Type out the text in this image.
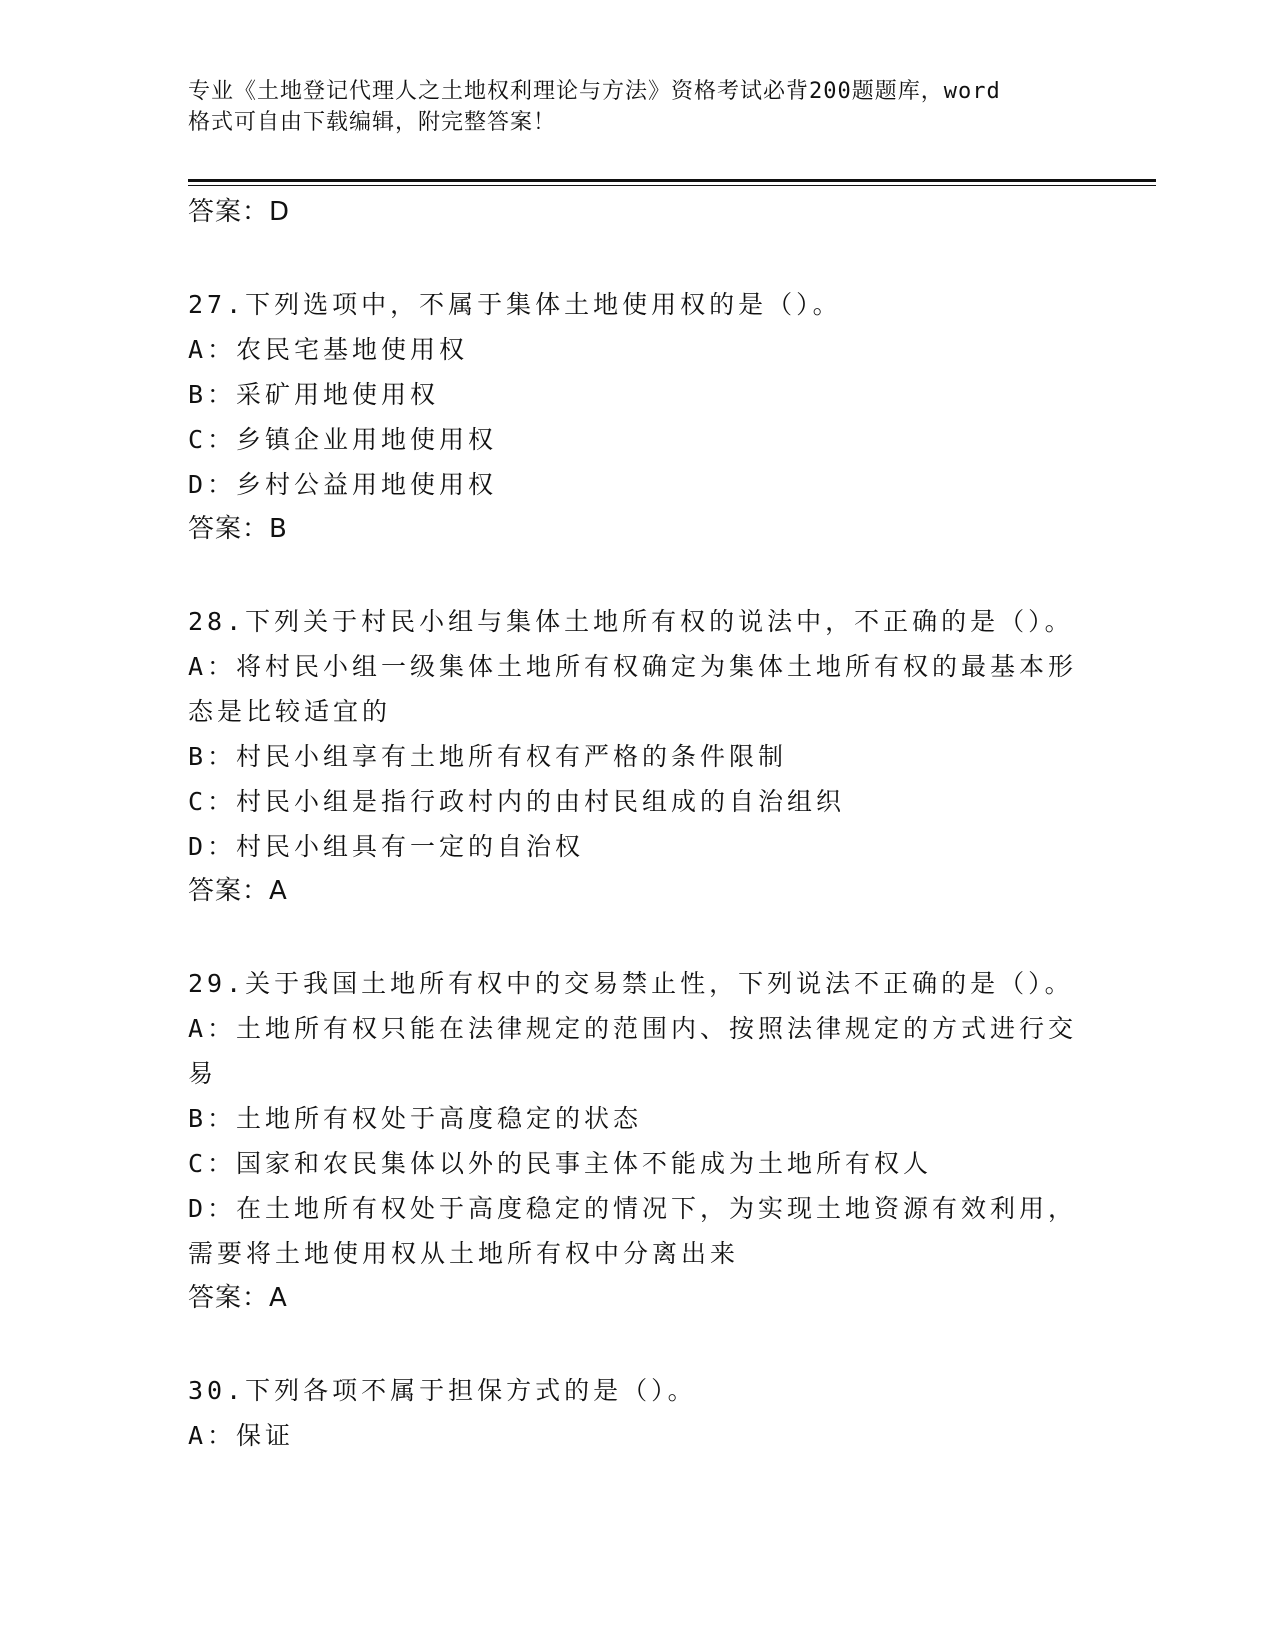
专业《土地登记代理人之土地权利理论与方法》资格考试必背200题题库，word
格式可自由下载编辑，附完整答案！
答案：D
27.下列选项中，不属于集体土地使用权的是（）。
A：农民宅基地使用权
B：采矿用地使用权
C：乡镇企业用地使用权
D：乡村公益用地使用权
答案：B
28.下列关于村民小组与集体土地所有权的说法中，不正确的是（）。
A：将村民小组一级集体土地所有权确定为集体土地所有权的最基本形态是比较适宜的
B：村民小组享有土地所有权有严格的条件限制
C：村民小组是指行政村内的由村民组成的自治组织
D：村民小组具有一定的自治权
答案：A
29.关于我国土地所有权中的交易禁止性，下列说法不正确的是（）。
A：土地所有权只能在法律规定的范围内、按照法律规定的方式进行交易
B：土地所有权处于高度稳定的状态
C：国家和农民集体以外的民事主体不能成为土地所有权人
D：在土地所有权处于高度稳定的情况下，为实现土地资源有效利用，需要将土地使用权从土地所有权中分离出来
答案：A
30.下列各项不属于担保方式的是（）。
A：保证
